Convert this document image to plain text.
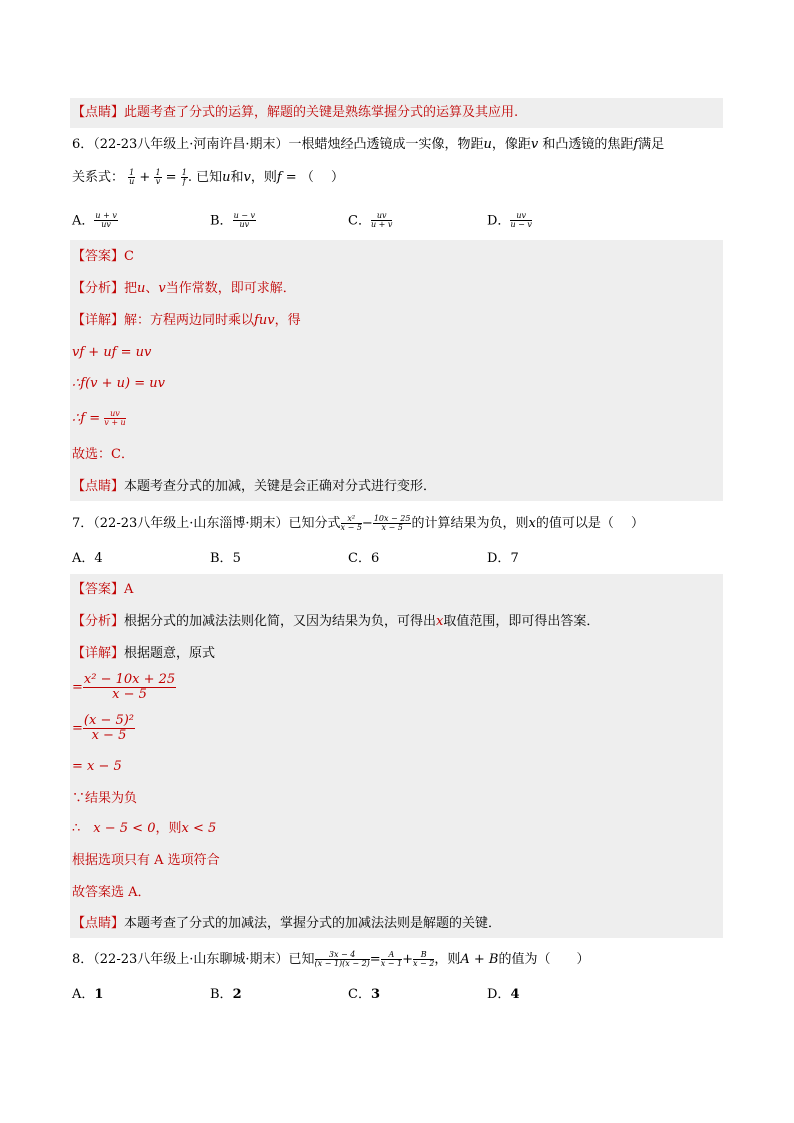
【点睛】此题考查了分式的运算，解题的关键是熟练掌握分式的运算及其应用.
6．（22-23八年级上·河南许昌·期末）一根蜡烛经凸透镜成一实像，物距u，像距v 和凸透镜的焦距f满足
关系式： $\frac{1}{u} + \frac{1}{v} = \frac{1}{f}$ . 已知u和v，则f = （　 ）
A． $\frac{u + v}{uv}$	B． $\frac{u - v}{uv}$	C． $\frac{uv}{u + v}$	D． $\frac{uv}{u - v}$
【答案】C
【分析】把u、v当作常数，即可求解．
【详解】解：方程两边同时乘以fuv，得
vf + uf = uv
∴f(v + u) = uv
∴f = $\frac{uv}{v + u}$
故选：C．
【点睛】本题考查分式的加减，关键是会正确对分式进行变形．
7．（22-23八年级上·山东淄博·期末）已知分式 $\frac{\text{x²}}{x - 5} - \frac{10x - 25}{x - 5}$ 的计算结果为负，则x的值可以是（　 ）
A．4	B．5	C．6	D．7
【答案】A
【分析】根据分式的加减法法则化简，又因为结果为负，可得出x取值范围，即可得出答案．
【详解】根据题意，原式
= $\frac{\text{x² − 10x + 25}}{x - 5}$
= $\frac{\text{(x − 5)²}}{x - 5}$
= x − 5
∵结果为负
∴　x − 5 < 0，则x < 5
根据选项只有 A 选项符合
故答案选 A．
【点睛】本题考查了分式的加减法，掌握分式的加减法法则是解题的关键．
8．（22-23八年级上·山东聊城·期末）已知 $\frac{3x - 4}{(x - 1)(x - 2)} = \frac{A}{x - 1} + \frac{B}{x - 2}$ ，则A + B的值为（　　）
A．1	B．2	C．3	D．4
